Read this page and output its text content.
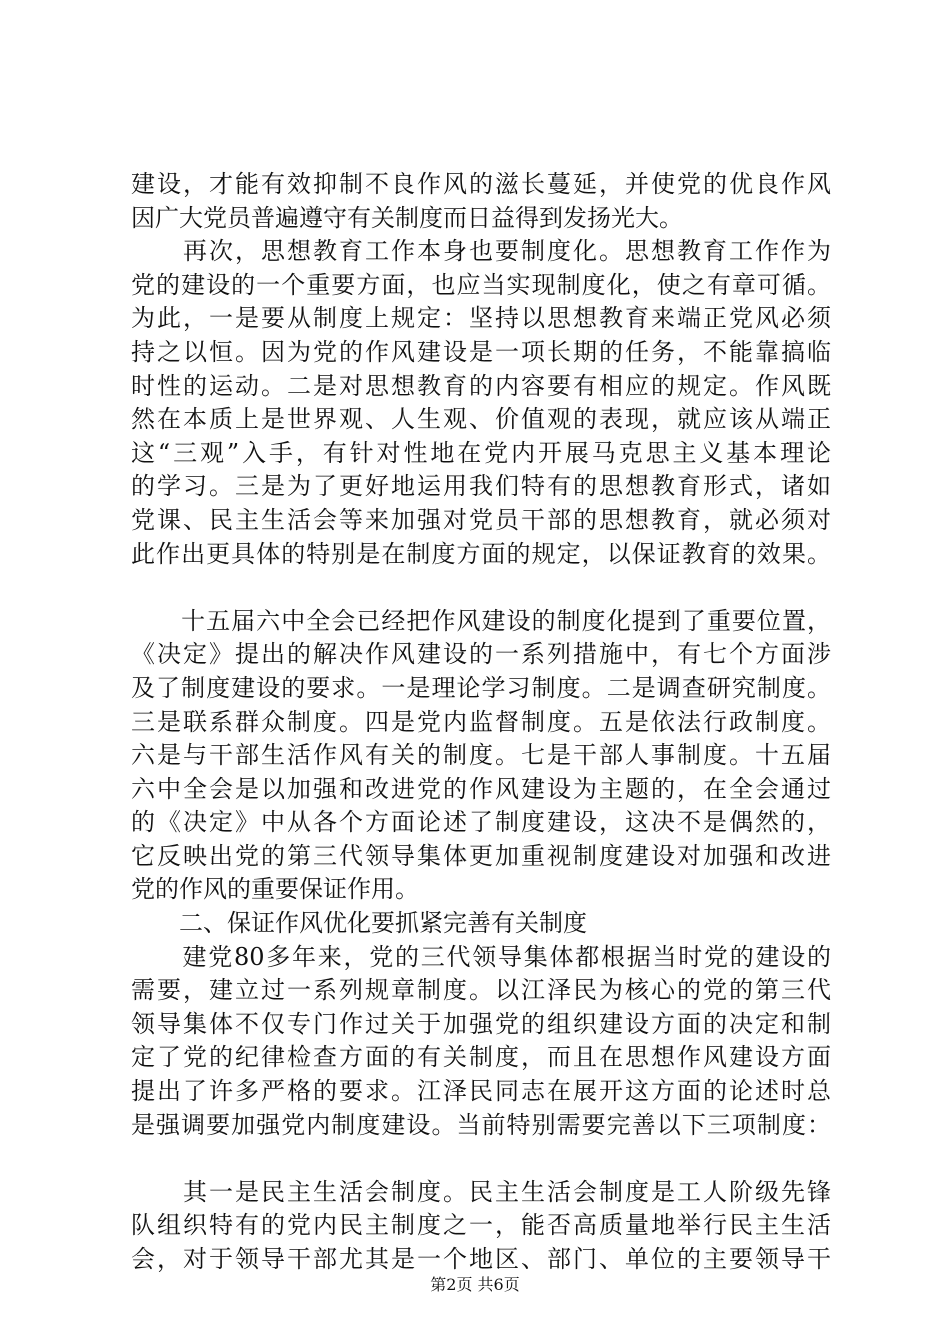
建设，才能有效抑制不良作风的滋长蔓延，并使党的优良作风
因广大党员普遍遵守有关制度而日益得到发扬光大。
　　再次，思想教育工作本身也要制度化。思想教育工作作为
党的建设的一个重要方面，也应当实现制度化，使之有章可循。
为此，一是要从制度上规定：坚持以思想教育来端正党风必须
持之以恒。因为党的作风建设是一项长期的任务，不能靠搞临
时性的运动。二是对思想教育的内容要有相应的规定。作风既
然在本质上是世界观、人生观、价值观的表现，就应该从端正
这“三观”入手，有针对性地在党内开展马克思主义基本理论
的学习。三是为了更好地运用我们特有的思想教育形式，诸如
党课、民主生活会等来加强对党员干部的思想教育，就必须对
此作出更具体的特别是在制度方面的规定，以保证教育的效果。
　　十五届六中全会已经把作风建设的制度化提到了重要位置，
《决定》提出的解决作风建设的一系列措施中，有七个方面涉
及了制度建设的要求。一是理论学习制度。二是调查研究制度。
三是联系群众制度。四是党内监督制度。五是依法行政制度。
六是与干部生活作风有关的制度。七是干部人事制度。十五届
六中全会是以加强和改进党的作风建设为主题的，在全会通过
的《决定》中从各个方面论述了制度建设，这决不是偶然的，
它反映出党的第三代领导集体更加重视制度建设对加强和改进
党的作风的重要保证作用。
　　二、保证作风优化要抓紧完善有关制度
　　建党80多年来，党的三代领导集体都根据当时党的建设的
需要，建立过一系列规章制度。以江泽民为核心的党的第三代
领导集体不仅专门作过关于加强党的组织建设方面的决定和制
定了党的纪律检查方面的有关制度，而且在思想作风建设方面
提出了许多严格的要求。江泽民同志在展开这方面的论述时总
是强调要加强党内制度建设。当前特别需要完善以下三项制度：
　　其一是民主生活会制度。民主生活会制度是工人阶级先锋
队组织特有的党内民主制度之一，能否高质量地举行民主生活
会，对于领导干部尤其是一个地区、部门、单位的主要领导干
第2页 共6页
